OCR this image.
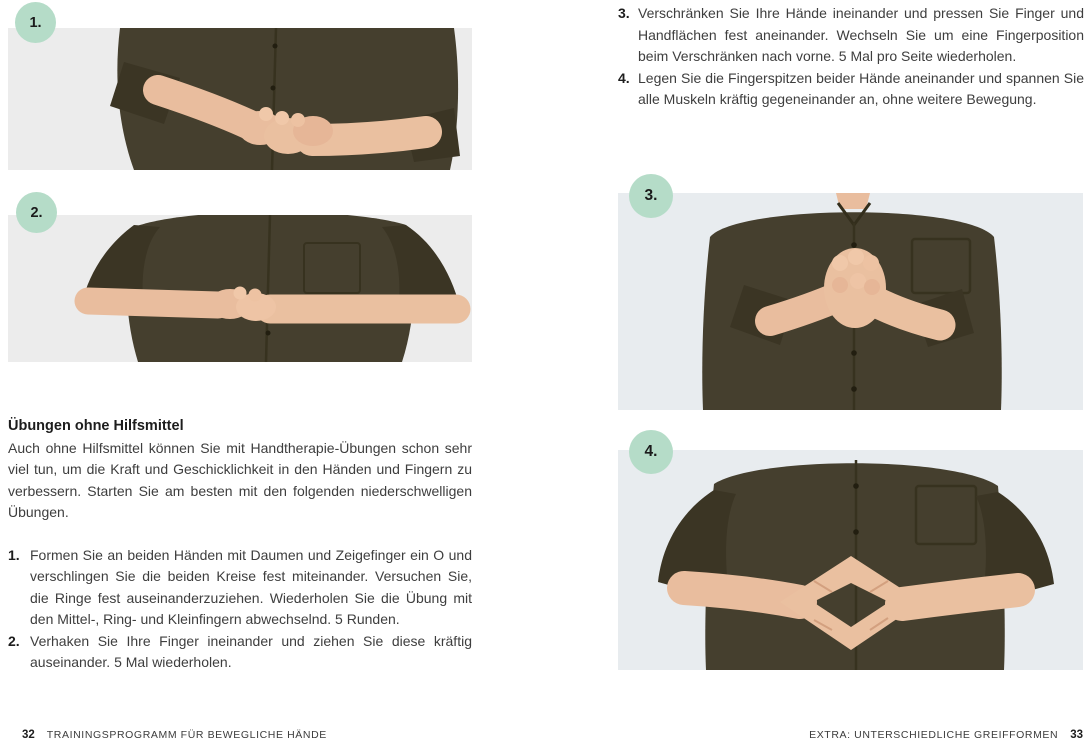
1.
2.
Übungen ohne Hilfsmittel

Auch ohne Hilfsmittel können Sie mit Handtherapie-Übungen schon sehr viel tun, um die Kraft und Geschicklichkeit in den Händen und Fingern zu verbessern. Starten Sie am besten mit den folgenden niederschwelligen Übungen.

1. Formen Sie an beiden Händen mit Daumen und Zeigefinger ein O und verschlingen Sie die beiden Kreise fest miteinander. Versuchen Sie, die Ringe fest auseinanderzuziehen. Wiederholen Sie die Übung mit den Mittel-, Ring- und Kleinfingern abwechselnd. 5 Runden.
2. Verhaken Sie Ihre Finger ineinander und ziehen Sie diese kräftig auseinander. 5 Mal wiederholen.
32 TRAININGSPROGRAMM FÜR BEWEGLICHE HÄNDE
3. Verschränken Sie Ihre Hände ineinander und pressen Sie Finger und Handflächen fest aneinander. Wechseln Sie um eine Fingerposition beim Verschränken nach vorne. 5 Mal pro Seite wiederholen.
4. Legen Sie die Fingerspitzen beider Hände aneinander und spannen Sie alle Muskeln kräftig gegeneinander an, ohne weitere Bewegung.
3.
4.
EXTRA: UNTERSCHIEDLICHE GREIFFORMEN 33
